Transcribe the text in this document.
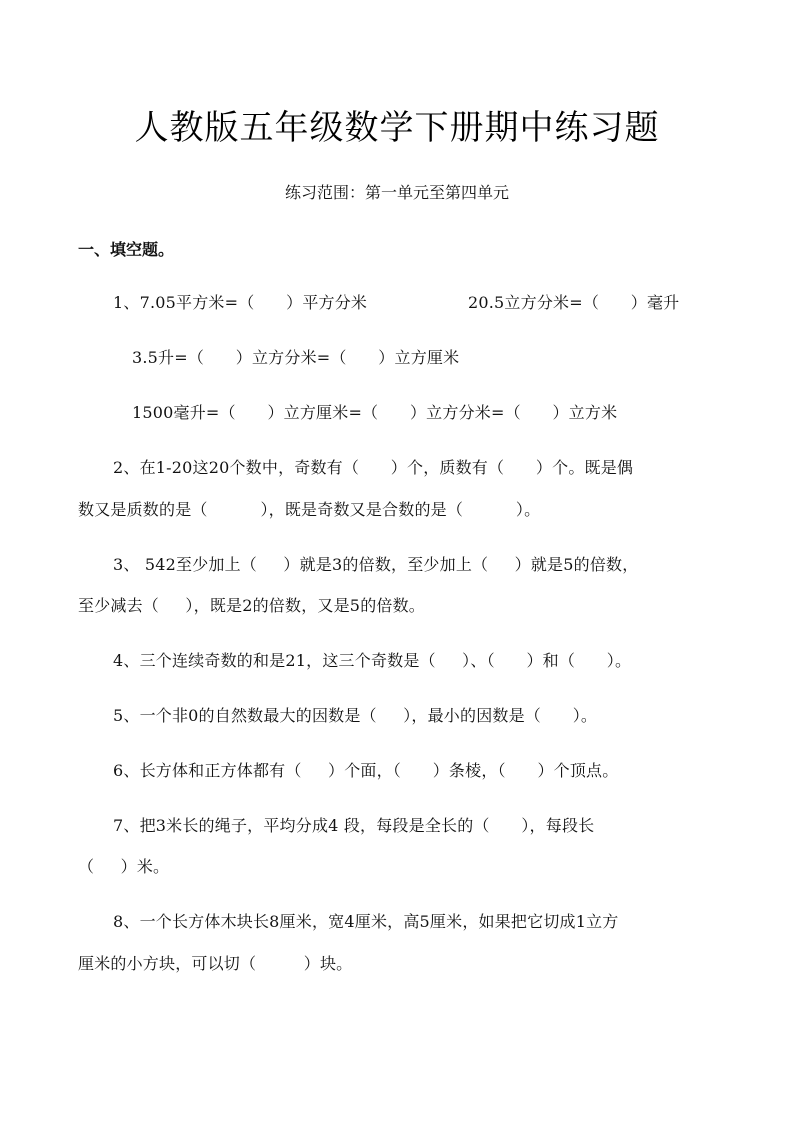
人教版五年级数学下册期中练习题
练习范围：第一单元至第四单元
一、填空题。
1、7.05平方米=（      ）平方分米	20.5立方分米=（      ）毫升
3.5升=（      ）立方分米=（      ）立方厘米
1500毫升=（      ）立方厘米=（      ）立方分米=（      ）立方米
2、在1-20这20个数中，奇数有（      ）个，质数有（      ）个。既是偶
数又是质数的是（          ），既是奇数又是合数的是（          ）。
3、 542至少加上（     ）就是3的倍数，至少加上（     ）就是5的倍数，
至少减去（     ），既是2的倍数，又是5的倍数。
4、三个连续奇数的和是21，这三个奇数是（     ）、（      ）和（      ）。
5、一个非0的自然数最大的因数是（     ），最小的因数是（      ）。
6、长方体和正方体都有（     ）个面，（      ）条棱，（      ）个顶点。
7、把3米长的绳子，平均分成4 段，每段是全长的（      ），每段长
（     ）米。
8、一个长方体木块长8厘米，宽4厘米，高5厘米，如果把它切成1立方
厘米的小方块，可以切（         ）块。
